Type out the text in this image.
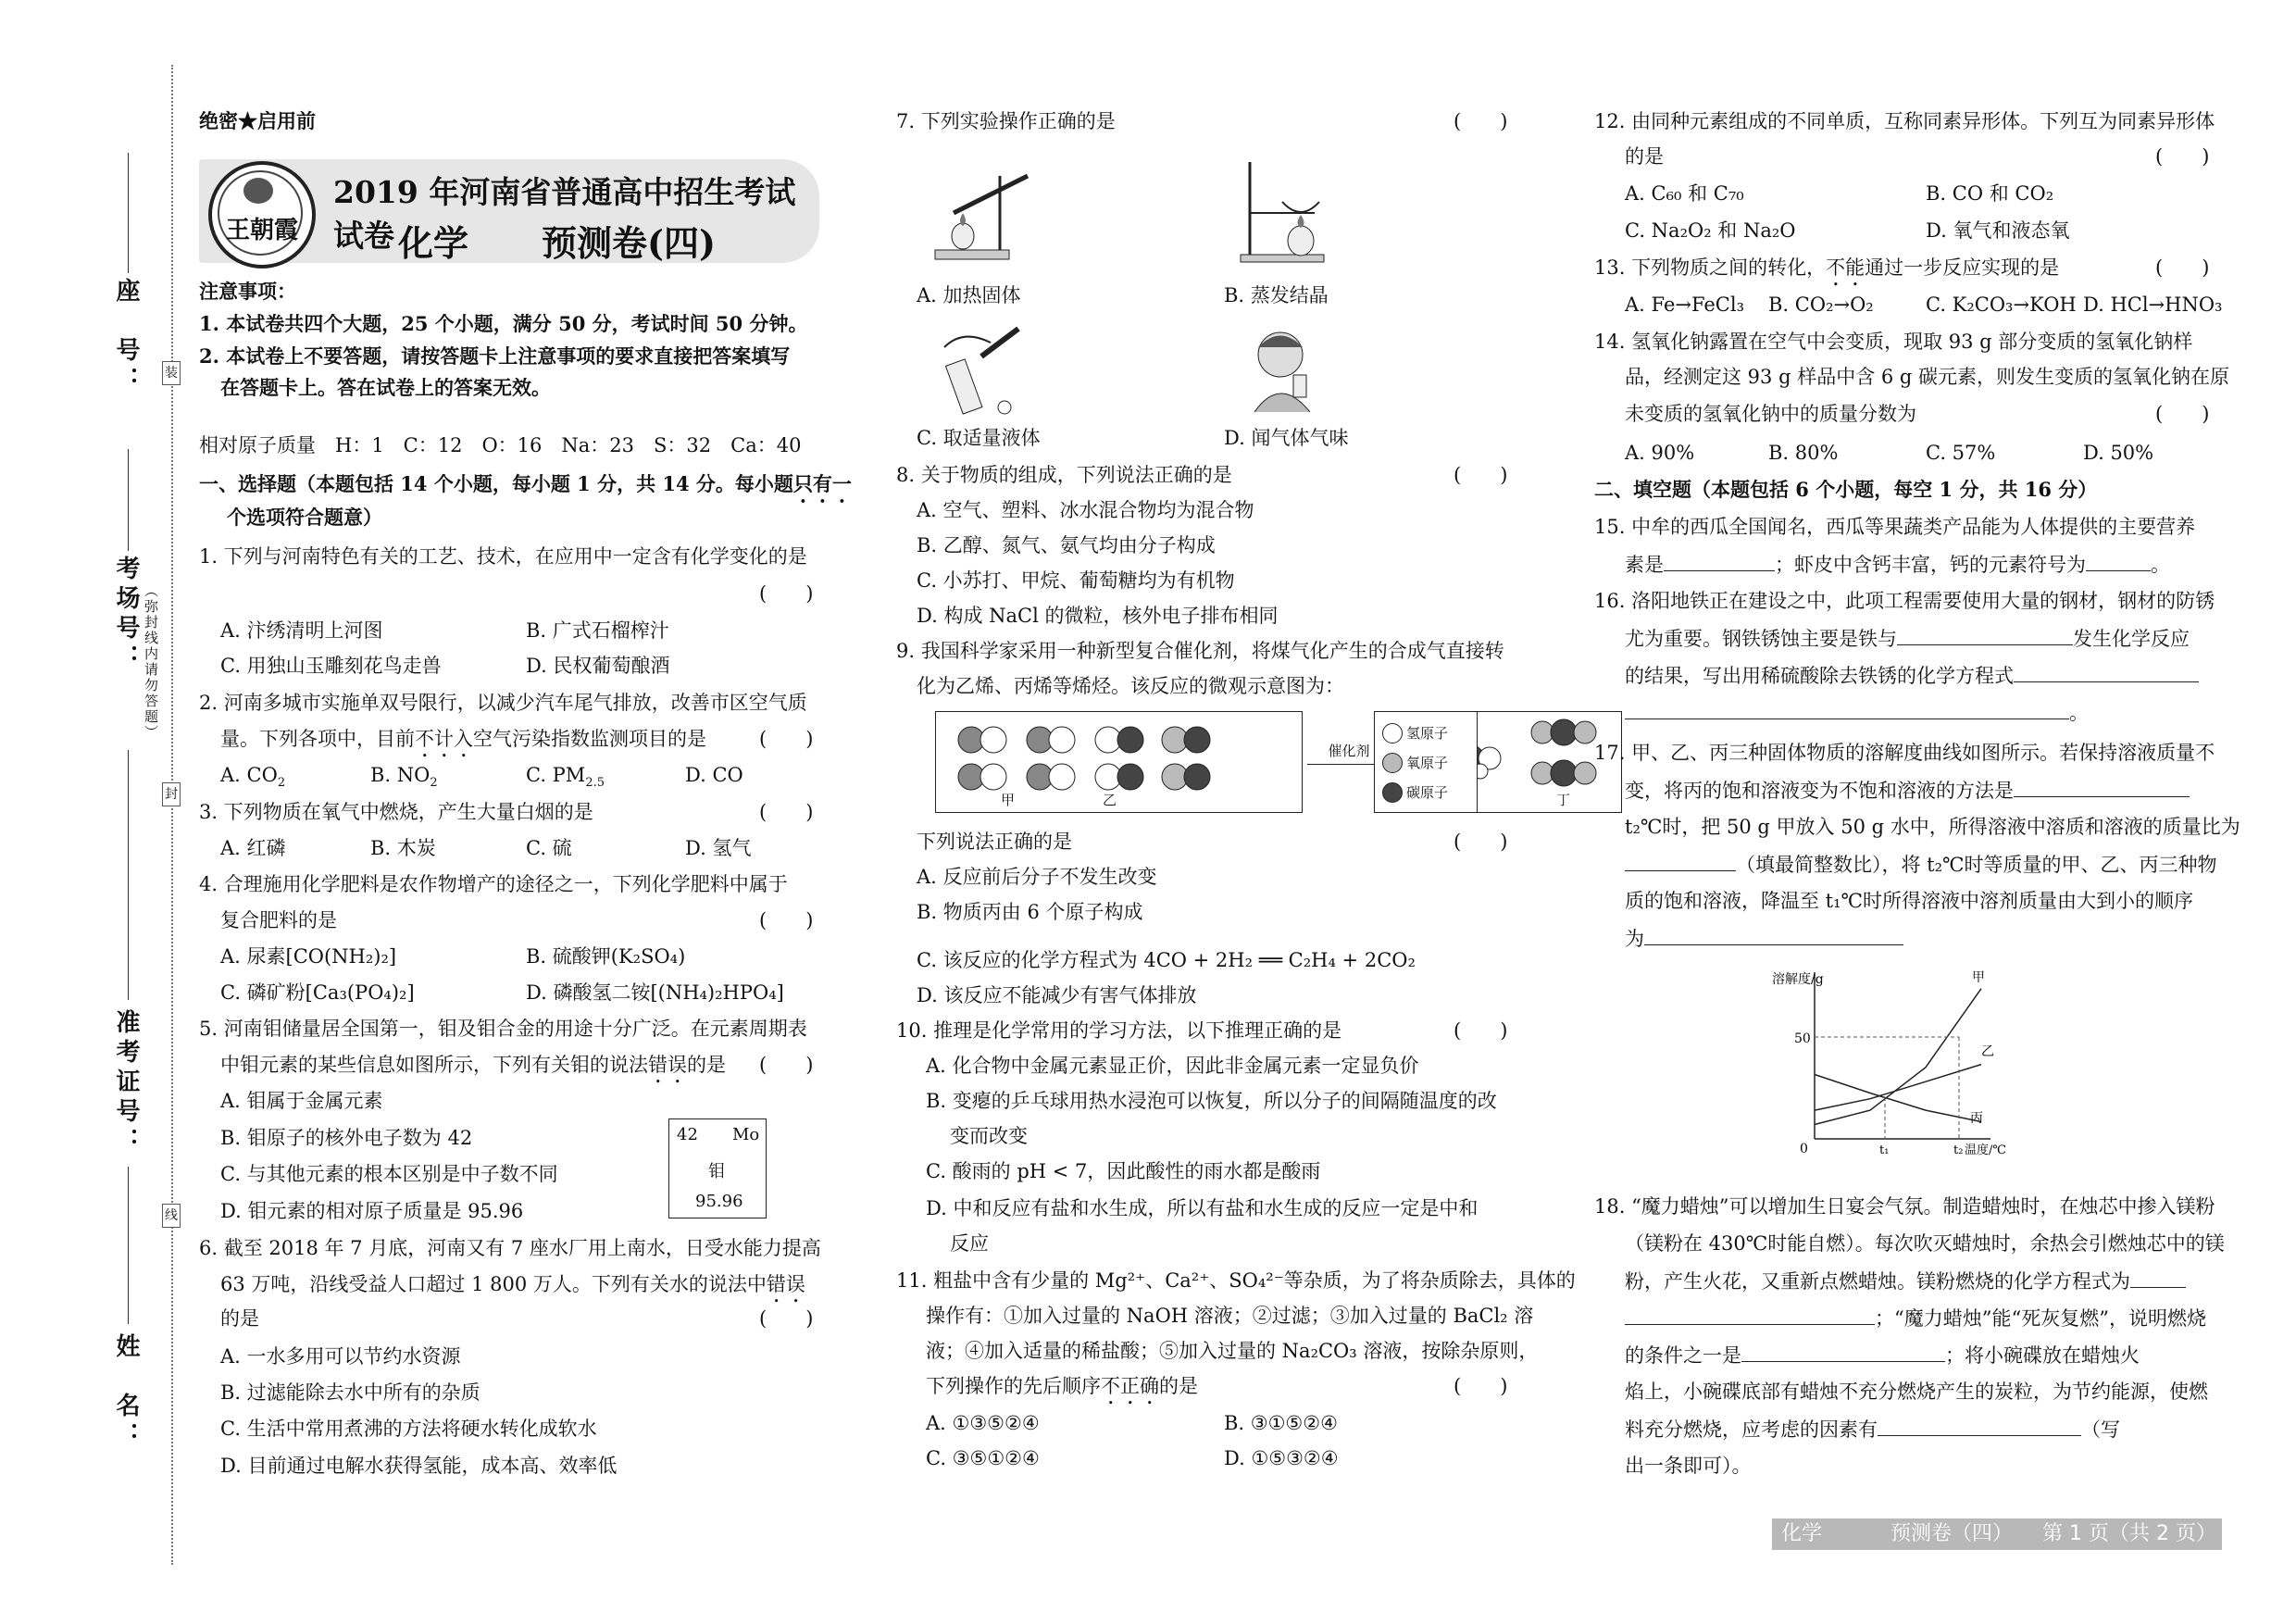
装
封
线
座　号：
考场号： （弥封线内请勿答题）
准考证号：
姓　名：
绝密★启用前
王朝霞
2019 年河南省普通高中招生考试试卷 化学 预测卷(四)
注意事项：
1. 本试卷共四个大题，25 个小题，满分 50 分，考试时间 50 分钟。
2. 本试卷上不要答题，请按答题卡上注意事项的要求直接把答案填写
在答题卡上。答在试卷上的答案无效。
相对原子质量　H：1　C：12　O：16　Na：23　S：32　Ca：40
一、选择题（本题包括 14 个小题，每小题 1 分，共 14 分。每小题只有一
个选项符合题意）
1. 下列与河南特色有关的工艺、技术，在应用中一定含有化学变化的是
(　　)
A. 汴绣清明上河图	B. 广式石榴榨汁
C. 用独山玉雕刻花鸟走兽	D. 民权葡萄酿酒
2. 河南多城市实施单双号限行，以减少汽车尾气排放，改善市区空气质
量。下列各项中，目前不计入空气污染指数监测项目的是	(　　)
A. $CO_2$	B. $NO_2$	C. $PM_{2.5}$	D. CO
3. 下列物质在氧气中燃烧，产生大量白烟的是	(　　)
A. 红磷	B. 木炭	C. 硫	D. 氢气
4. 合理施用化学肥料是农作物增产的途径之一，下列化学肥料中属于
复合肥料的是	(　　)
A. 尿素[CO(NH₂)₂]	B. 硫酸钾(K₂SO₄)
C. 磷矿粉[Ca₃(PO₄)₂]	D. 磷酸氢二铵[(NH₄)₂HPO₄]
5. 河南钼储量居全国第一，钼及钼合金的用途十分广泛。在元素周期表
中钼元素的某些信息如图所示，下列有关钼的说法错误的是 (　　)
A. 钼属于金属元素
B. 钼原子的核外电子数为 42
C. 与其他元素的根本区别是中子数不同
D. 钼元素的相对原子质量是 95.96
42 Mo
钼
95.96
6. 截至 2018 年 7 月底，河南又有 7 座水厂用上南水，日受水能力提高
63 万吨，沿线受益人口超过 1 800 万人。下列有关水的说法中错误
的是	(　　)
A. 一水多用可以节约水资源
B. 过滤能除去水中所有的杂质
C. 生活中常用煮沸的方法将硬水转化成软水
D. 目前通过电解水获得氢能，成本高、效率低
7. 下列实验操作正确的是	(　　)
A. 加热固体	B. 蒸发结晶
C. 取适量液体	D. 闻气体气味
8. 关于物质的组成，下列说法正确的是	(　　)
A. 空气、塑料、冰水混合物均为混合物
B. 乙醇、氮气、氨气均由分子构成
C. 小苏打、甲烷、葡萄糖均为有机物
D. 构成 NaCl 的微粒，核外电子排布相同
9. 我国科学家采用一种新型复合催化剂，将煤气化产生的合成气直接转
化为乙烯、丙烯等烯烃。该反应的微观示意图为：
甲	乙
催化剂
丁
氢原子
氧原子
碳原子
下列说法正确的是	(　　)
A. 反应前后分子不发生改变
B. 物质丙由 6 个原子构成
C. 该反应的化学方程式为 4CO + 2H₂ ══ C₂H₄ + 2CO₂
D. 该反应不能减少有害气体排放
10. 推理是化学常用的学习方法，以下推理正确的是	(　　)
A. 化合物中金属元素显正价，因此非金属元素一定显负价
B. 变瘪的乒乓球用热水浸泡可以恢复，所以分子的间隔随温度的改
变而改变
C. 酸雨的 pH < 7，因此酸性的雨水都是酸雨
D. 中和反应有盐和水生成，所以有盐和水生成的反应一定是中和
反应
11. 粗盐中含有少量的 Mg²⁺、Ca²⁺、SO₄²⁻等杂质，为了将杂质除去，具体的
操作有：①加入过量的 NaOH 溶液；②过滤；③加入过量的 BaCl₂ 溶
液；④加入适量的稀盐酸；⑤加入过量的 Na₂CO₃ 溶液，按除杂原则，
下列操作的先后顺序不正确的是	(　　)
A. ①③⑤②④	B. ③①⑤②④
C. ③⑤①②④	D. ①⑤③②④
12. 由同种元素组成的不同单质，互称同素异形体。下列互为同素异形体
的是	(　　)
A. C₆₀ 和 C₇₀	B. CO 和 CO₂
C. Na₂O₂ 和 Na₂O	D. 氧气和液态氧
13. 下列物质之间的转化，不能通过一步反应实现的是	(　　)
A. Fe→FeCl₃ B. CO₂→O₂	C. K₂CO₃→KOH D. HCl→HNO₃
14. 氢氧化钠露置在空气中会变质，现取 93 g 部分变质的氢氧化钠样
品，经测定这 93 g 样品中含 6 g 碳元素，则发生变质的氢氧化钠在原
未变质的氢氧化钠中的质量分数为	(　　)
A. 90%	B. 80%	C. 57%	D. 50%
二、填空题（本题包括 6 个小题，每空 1 分，共 16 分）
15. 中牟的西瓜全国闻名，西瓜等果蔬类产品能为人体提供的主要营养
素是	；虾皮中含钙丰富，钙的元素符号为	。
16. 洛阳地铁正在建设之中，此项工程需要使用大量的钢材，钢材的防锈
尤为重要。钢铁锈蚀主要是铁与	发生化学反应
的结果，写出用稀硫酸除去铁锈的化学方程式
。
17. 甲、乙、丙三种固体物质的溶解度曲线如图所示。若保持溶液质量不
变，将丙的饱和溶液变为不饱和溶液的方法是
t₂℃时，把 50 g 甲放入 50 g 水中，所得溶液中溶质和溶液的质量比为
（填最简整数比），将 t₂℃时等质量的甲、乙、丙三种物
质的饱和溶液，降温至 t₁℃时所得溶液中溶剂质量由大到小的顺序
为
溶解度/g
50
0	t₁	t₂ 温度/℃
甲
乙
丙
18. “魔力蜡烛”可以增加生日宴会气氛。制造蜡烛时，在烛芯中掺入镁粉
（镁粉在 430℃时能自燃）。每次吹灭蜡烛时，余热会引燃烛芯中的镁
粉，产生火花，又重新点燃蜡烛。镁粉燃烧的化学方程式为
；“魔力蜡烛”能“死灰复燃”，说明燃烧
的条件之一是	；将小碗碟放在蜡烛火
焰上，小碗碟底部有蜡烛不充分燃烧产生的炭粒，为节约能源，使燃
料充分燃烧，应考虑的因素有	（写
出一条即可）。
化学	预测卷（四） 第 1 页（共 2 页）
